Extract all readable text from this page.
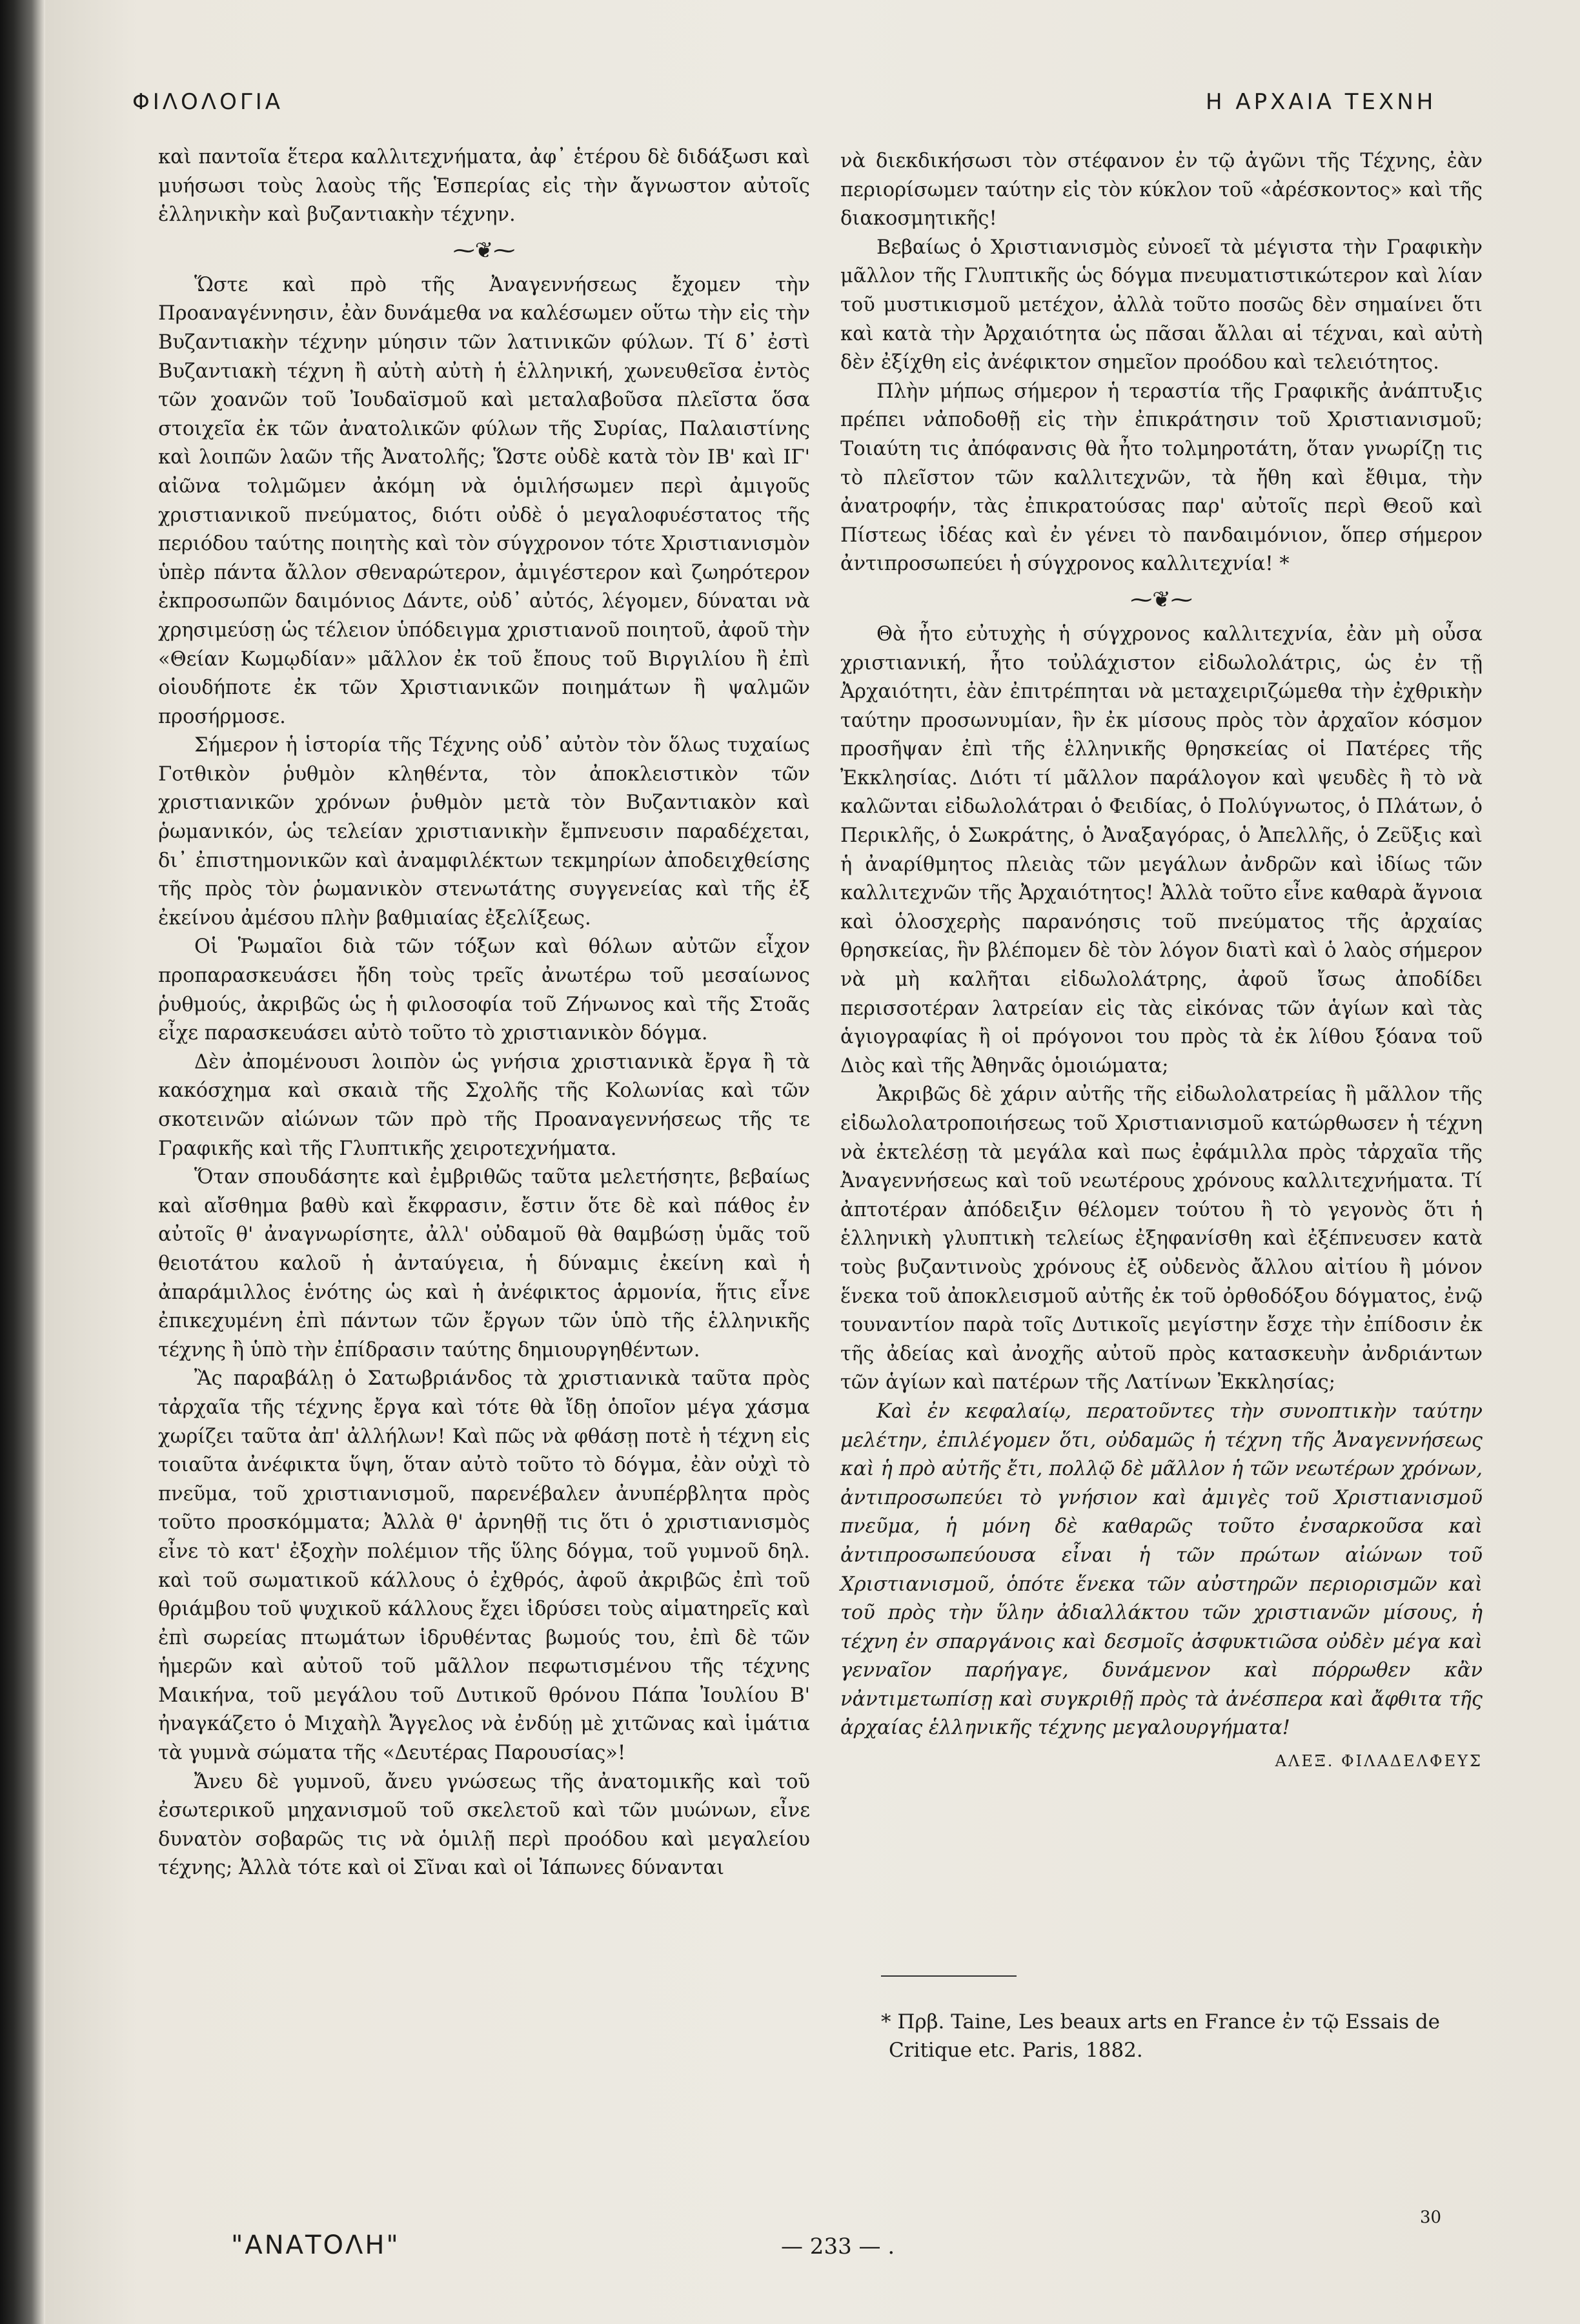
ΦΙΛΟΛΟΓΙΑ	Η ΑΡΧΑΙΑ ΤΕΧΝΗ

καὶ παντοῖα ἕτερα καλλιτεχνήματα, ἀφ᾿ ἑτέρου δὲ διδάξωσι καὶ μυήσωσι τοὺς λαοὺς τῆς Ἑσπερίας εἰς τὴν ἄγνωστον αὐτοῖς ἑλληνικὴν καὶ βυζαντιακὴν τέχνην.

⁓❦⁓

Ὥστε καὶ πρὸ τῆς Ἀναγεννήσεως ἔχομεν τὴν Προαναγέννησιν, ἐὰν δυνάμεθα να καλέσωμεν οὕτω τὴν εἰς τὴν Βυζαντιακὴν τέχνην μύησιν τῶν λατινικῶν φύλων. Τί δ᾿ ἐστὶ Βυζαντιακὴ τέχνη ἢ αὐτὴ αὐτὴ ἡ ἑλληνική, χωνευθεῖσα ἐντὸς τῶν χοανῶν τοῦ Ἰουδαϊσμοῦ καὶ μεταλαβοῦσα πλεῖστα ὅσα στοιχεῖα ἐκ τῶν ἀνατολικῶν φύλων τῆς Συρίας, Παλαιστίνης καὶ λοιπῶν λαῶν τῆς Ἀνατολῆς; Ὥστε οὐδὲ κατὰ τὸν ΙΒ' καὶ ΙΓ' αἰῶνα τολμῶμεν ἀκόμη νὰ ὁμιλήσωμεν περὶ ἀμιγοῦς χριστιανικοῦ πνεύματος, διότι οὐδὲ ὁ μεγαλοφυέστατος τῆς περιόδου ταύτης ποιητὴς καὶ τὸν σύγχρονον τότε Χριστιανισμὸν ὑπὲρ πάντα ἄλλον σθεναρώτερον, ἀμιγέστερον καὶ ζωηρότερον ἐκπροσωπῶν δαιμόνιος Δάντε, οὐδ᾿ αὐτός, λέγομεν, δύναται νὰ χρησιμεύσῃ ὡς τέλειον ὑπόδειγμα χριστιανοῦ ποιητοῦ, ἀφοῦ τὴν «Θείαν Κωμῳδίαν» μᾶλλον ἐκ τοῦ ἔπους τοῦ Βιργιλίου ἢ ἐπὶ οἱουδήποτε ἐκ τῶν Χριστιανικῶν ποιημάτων ἢ ψαλμῶν προσήρμοσε.

Σήμερον ἡ ἱστορία τῆς Τέχνης οὐδ᾿ αὐτὸν τὸν ὅλως τυχαίως Γοτθικὸν ῥυθμὸν κληθέντα, τὸν ἀποκλειστικὸν τῶν χριστιανικῶν χρόνων ῥυθμὸν μετὰ τὸν Βυζαντιακὸν καὶ ῥωμανικόν, ὡς τελείαν χριστιανικὴν ἔμπνευσιν παραδέχεται, δι᾿ ἐπιστημονικῶν καὶ ἀναμφιλέκτων τεκμηρίων ἀποδειχθείσης τῆς πρὸς τὸν ῥωμανικὸν στενωτάτης συγγενείας καὶ τῆς ἐξ ἐκείνου ἀμέσου πλὴν βαθμιαίας ἐξελίξεως.

Οἱ Ῥωμαῖοι διὰ τῶν τόξων καὶ θόλων αὐτῶν εἶχον προπαρασκευάσει ἤδη τοὺς τρεῖς ἀνωτέρω τοῦ μεσαίωνος ῥυθμούς, ἀκριβῶς ὡς ἡ φιλοσοφία τοῦ Ζήνωνος καὶ τῆς Στοᾶς εἶχε παρασκευάσει αὐτὸ τοῦτο τὸ χριστιανικὸν δόγμα.

Δὲν ἀπομένουσι λοιπὸν ὡς γνήσια χριστιανικὰ ἔργα ἢ τὰ κακόσχημα καὶ σκαιὰ τῆς Σχολῆς τῆς Κολωνίας καὶ τῶν σκοτεινῶν αἰώνων τῶν πρὸ τῆς Προαναγεννήσεως τῆς τε Γραφικῆς καὶ τῆς Γλυπτικῆς χειροτεχνήματα.

Ὅταν σπουδάσητε καὶ ἐμβριθῶς ταῦτα μελετήσητε, βεβαίως καὶ αἴσθημα βαθὺ καὶ ἔκφρασιν, ἔστιν ὅτε δὲ καὶ πάθος ἐν αὐτοῖς θ' ἀναγνωρίσητε, ἀλλ' οὐδαμοῦ θὰ θαμβώσῃ ὑμᾶς τοῦ θειοτάτου καλοῦ ἡ ἀνταύγεια, ἡ δύναμις ἐκείνη καὶ ἡ ἀπαράμιλλος ἑνότης ὡς καὶ ἡ ἀνέφικτος ἁρμονία, ἥτις εἶνε ἐπικεχυμένη ἐπὶ πάντων τῶν ἔργων τῶν ὑπὸ τῆς ἑλληνικῆς τέχνης ἢ ὑπὸ τὴν ἐπίδρασιν ταύτης δημιουργηθέντων.

Ἂς παραβάλῃ ὁ Σατωβριάνδος τὰ χριστιανικὰ ταῦτα πρὸς τἀρχαῖα τῆς τέχνης ἔργα καὶ τότε θὰ ἴδῃ ὁποῖον μέγα χάσμα χωρίζει ταῦτα ἀπ' ἀλλήλων! Καὶ πῶς νὰ φθάσῃ ποτὲ ἡ τέχνη εἰς τοιαῦτα ἀνέφικτα ὕψη, ὅταν αὐτὸ τοῦτο τὸ δόγμα, ἐὰν οὐχὶ τὸ πνεῦμα, τοῦ χριστιανισμοῦ, παρενέβαλεν ἀνυπέρβλητα πρὸς τοῦτο προσκόμματα; Ἀλλὰ θ' ἀρνηθῇ τις ὅτι ὁ χριστιανισμὸς εἶνε τὸ κατ' ἐξοχὴν πολέμιον τῆς ὕλης δόγμα, τοῦ γυμνοῦ δηλ. καὶ τοῦ σωματικοῦ κάλλους ὁ ἐχθρός, ἀφοῦ ἀκριβῶς ἐπὶ τοῦ θριάμβου τοῦ ψυχικοῦ κάλλους ἔχει ἱδρύσει τοὺς αἱματηρεῖς καὶ ἐπὶ σωρείας πτωμάτων ἱδρυθέντας βωμούς του, ἐπὶ δὲ τῶν ἡμερῶν καὶ αὐτοῦ τοῦ μᾶλλον πεφωτισμένου τῆς τέχνης Μαικήνα, τοῦ μεγάλου τοῦ Δυτικοῦ θρόνου Πάπα Ἰουλίου Β' ἠναγκάζετο ὁ Μιχαὴλ Ἄγγελος νὰ ἐνδύῃ μὲ χιτῶνας καὶ ἱμάτια τὰ γυμνὰ σώματα τῆς «Δευτέρας Παρουσίας»!

Ἄνευ δὲ γυμνοῦ, ἄνευ γνώσεως τῆς ἀνατομικῆς καὶ τοῦ ἐσωτερικοῦ μηχανισμοῦ τοῦ σκελετοῦ καὶ τῶν μυώνων, εἶνε δυνατὸν σοβαρῶς τις νὰ ὁμιλῇ περὶ προόδου καὶ μεγαλείου τέχνης; Ἀλλὰ τότε καὶ οἱ Σῖναι καὶ οἱ Ἰάπωνες δύνανται

νὰ διεκδικήσωσι τὸν στέφανον ἐν τῷ ἀγῶνι τῆς Τέχνης, ἐὰν περιορίσωμεν ταύτην εἰς τὸν κύκλον τοῦ «ἀρέσκοντος» καὶ τῆς διακοσμητικῆς!

Βεβαίως ὁ Χριστιανισμὸς εὐνοεῖ τὰ μέγιστα τὴν Γραφικὴν μᾶλλον τῆς Γλυπτικῆς ὡς δόγμα πνευματιστικώτερον καὶ λίαν τοῦ μυστικισμοῦ μετέχον, ἀλλὰ τοῦτο ποσῶς δὲν σημαίνει ὅτι καὶ κατὰ τὴν Ἀρχαιότητα ὡς πᾶσαι ἄλλαι αἱ τέχναι, καὶ αὐτὴ δὲν ἐξίχθη εἰς ἀνέφικτον σημεῖον προόδου καὶ τελειότητος.

Πλὴν μήπως σήμερον ἡ τεραστία τῆς Γραφικῆς ἀνάπτυξις πρέπει νἀποδοθῇ εἰς τὴν ἐπικράτησιν τοῦ Χριστιανισμοῦ; Τοιαύτη τις ἀπόφανσις θὰ ἦτο τολμηροτάτη, ὅταν γνωρίζῃ τις τὸ πλεῖστον τῶν καλλιτεχνῶν, τὰ ἤθη καὶ ἔθιμα, τὴν ἀνατροφήν, τὰς ἐπικρατούσας παρ' αὐτοῖς περὶ Θεοῦ καὶ Πίστεως ἰδέας καὶ ἐν γένει τὸ πανδαιμόνιον, ὅπερ σήμερον ἀντιπροσωπεύει ἡ σύγχρονος καλλιτεχνία! *

⁓❦⁓

Θὰ ἦτο εὐτυχὴς ἡ σύγχρονος καλλιτεχνία, ἐὰν μὴ οὖσα χριστιανική, ἦτο τοὐλάχιστον εἰδωλολάτρις, ὡς ἐν τῇ Ἀρχαιότητι, ἐὰν ἐπιτρέπηται νὰ μεταχειριζώμεθα τὴν ἐχθρικὴν ταύτην προσωνυμίαν, ἣν ἐκ μίσους πρὸς τὸν ἀρχαῖον κόσμον προσῆψαν ἐπὶ τῆς ἑλληνικῆς θρησκείας οἱ Πατέρες τῆς Ἐκκλησίας. Διότι τί μᾶλλον παράλογον καὶ ψευδὲς ἢ τὸ νὰ καλῶνται εἰδωλολάτραι ὁ Φειδίας, ὁ Πολύγνωτος, ὁ Πλάτων, ὁ Περικλῆς, ὁ Σωκράτης, ὁ Ἀναξαγόρας, ὁ Ἀπελλῆς, ὁ Ζεῦξις καὶ ἡ ἀναρίθμητος πλειὰς τῶν μεγάλων ἀνδρῶν καὶ ἰδίως τῶν καλλιτεχνῶν τῆς Ἀρχαιότητος! Ἀλλὰ τοῦτο εἶνε καθαρὰ ἄγνοια καὶ ὁλοσχερὴς παρανόησις τοῦ πνεύματος τῆς ἀρχαίας θρησκείας, ἣν βλέπομεν δὲ τὸν λόγον διατὶ καὶ ὁ λαὸς σήμερον νὰ μὴ καλῆται εἰδωλολάτρης, ἀφοῦ ἴσως ἀποδίδει περισσοτέραν λατρείαν εἰς τὰς εἰκόνας τῶν ἁγίων καὶ τὰς ἁγιογραφίας ἢ οἱ πρόγονοι του πρὸς τὰ ἐκ λίθου ξόανα τοῦ Διὸς καὶ τῆς Ἀθηνᾶς ὁμοιώματα;

Ἀκριβῶς δὲ χάριν αὐτῆς τῆς εἰδωλολατρείας ἢ μᾶλλον τῆς εἰδωλολατροποιήσεως τοῦ Χριστιανισμοῦ κατώρθωσεν ἡ τέχνη νὰ ἐκτελέσῃ τὰ μεγάλα καὶ πως ἐφάμιλλα πρὸς τἀρχαῖα τῆς Ἀναγεννήσεως καὶ τοῦ νεωτέρους χρόνους καλλιτεχνήματα. Τί ἀπτοτέραν ἀπόδειξιν θέλομεν τούτου ἢ τὸ γεγονὸς ὅτι ἡ ἑλληνικὴ γλυπτικὴ τελείως ἐξηφανίσθη καὶ ἐξέπνευσεν κατὰ τοὺς βυζαντινοὺς χρόνους ἐξ οὐδενὸς ἄλλου αἰτίου ἢ μόνον ἕνεκα τοῦ ἀποκλεισμοῦ αὐτῆς ἐκ τοῦ ὀρθοδόξου δόγματος, ἐνῷ τουναντίον παρὰ τοῖς Δυτικοῖς μεγίστην ἔσχε τὴν ἐπίδοσιν ἐκ τῆς ἀδείας καὶ ἀνοχῆς αὐτοῦ πρὸς κατασκευὴν ἀνδριάντων τῶν ἁγίων καὶ πατέρων τῆς Λατίνων Ἐκκλησίας;

Καὶ ἐν κεφαλαίῳ, περατοῦντες τὴν συνοπτικὴν ταύτην μελέτην, ἐπιλέγομεν ὅτι, οὐδαμῶς ἡ τέχνη τῆς Ἀναγεννήσεως καὶ ἡ πρὸ αὐτῆς ἔτι, πολλῷ δὲ μᾶλλον ἡ τῶν νεωτέρων χρόνων, ἀντιπροσωπεύει τὸ γνήσιον καὶ ἀμιγὲς τοῦ Χριστιανισμοῦ πνεῦμα, ἡ μόνη δὲ καθαρῶς τοῦτο ἐνσαρκοῦσα καὶ ἀντιπροσωπεύουσα εἶναι ἡ τῶν πρώτων αἰώνων τοῦ Χριστιανισμοῦ, ὁπότε ἕνεκα τῶν αὐστηρῶν περιορισμῶν καὶ τοῦ πρὸς τὴν ὕλην ἀδιαλλάκτου τῶν χριστιανῶν μίσους, ἡ τέχνη ἐν σπαργάνοις καὶ δεσμοῖς ἀσφυκτιῶσα οὐδὲν μέγα καὶ γενναῖον παρήγαγε, δυνάμενον καὶ πόρρωθεν κἂν νἀντιμετωπίσῃ καὶ συγκριθῇ πρὸς τὰ ἀνέσπερα καὶ ἄφθιτα τῆς ἀρχαίας ἑλληνικῆς τέχνης μεγαλουργήματα!

ΑΛΕΞ. ΦΙΛΑΔΕΛΦΕΥΣ

* Πρβ. Taine, Les beaux arts en France ἐν τῷ Essais de Critique etc. Paris, 1882.

"ΑΝΑΤΟΛΗ"	— 233 — .
30
